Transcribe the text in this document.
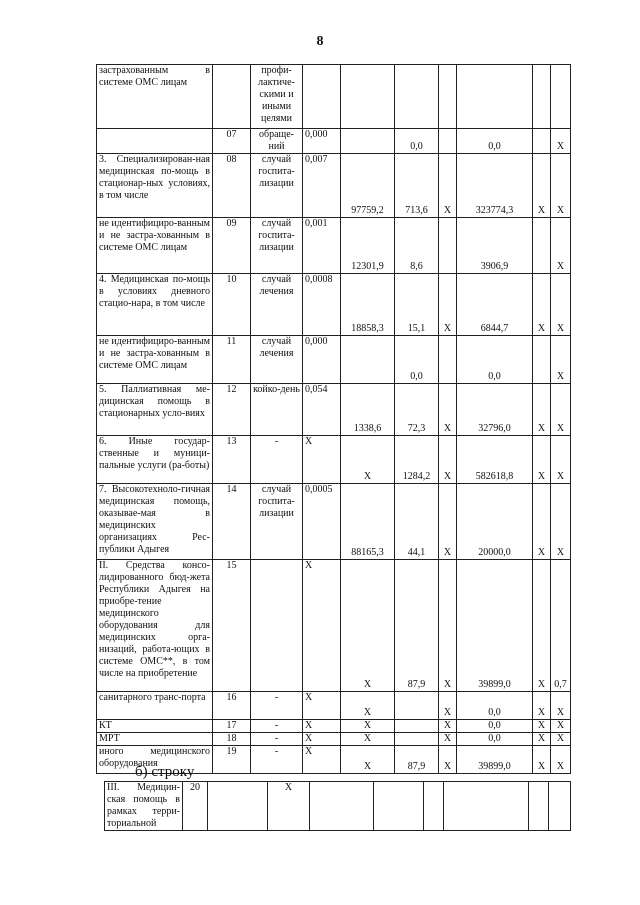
8
застрахованным в системе ОМС лицам		профи-лактиче-скими и иными целями							
	07	обраще-ний	0,000		0,0		0,0		X
3. Специализирован-ная медицинская по-мощь в стационар-ных условиях, в том числе	08	случай госпита-лизации	0,007	97759,2	713,6	X	323774,3	X	X
не идентифициро-ванным и не застра-хованным в системе ОМС лицам	09	случай госпита-лизации	0,001	12301,9	8,6		3906,9		X
4. Медицинская по-мощь в условиях дневного стацио-нара, в том числе	10	случай лечения	0,0008	18858,3	15,1	X	6844,7	X	X
не идентифициро-ванным и не застра-хованным в системе ОМС лицам	11	случай лечения	0,000		0,0		0,0		X
5. Паллиативная ме-дицинская помощь в стационарных усло-виях	12	койко-день	0,054	1338,6	72,3	X	32796,0	X	X
6. Иные государ-ственные и муници-пальные услуги (ра-боты)	13	-	X	X	1284,2	X	582618,8	X	X
7. Высокотехноло-гичная медицинская помощь, оказывае-мая в медицинских организациях Рес-публики Адыгея	14	случай госпита-лизации	0,0005	88165,3	44,1	X	20000,0	X	X
II. Средства консо-лидированного бюд-жета Республики Адыгея на приобре-тение медицинского оборудования для медицинских орга-низаций, работа-ющих в системе ОМС**, в том числе на приобретение	15		X	X	87,9	X	39899,0	X	0,7
санитарного транс-порта	16	-	X	X		X	0,0	X	X
КТ	17	-	X	X		X	0,0	X	X
МРТ	18	-	X	X		X	0,0	X	X
иного медицинского оборудования	19	-	X	X	87,9	X	39899,0	X	X
б) строку
III. Медицин-ская помощь в рамках терри-ториальной	20		X						
